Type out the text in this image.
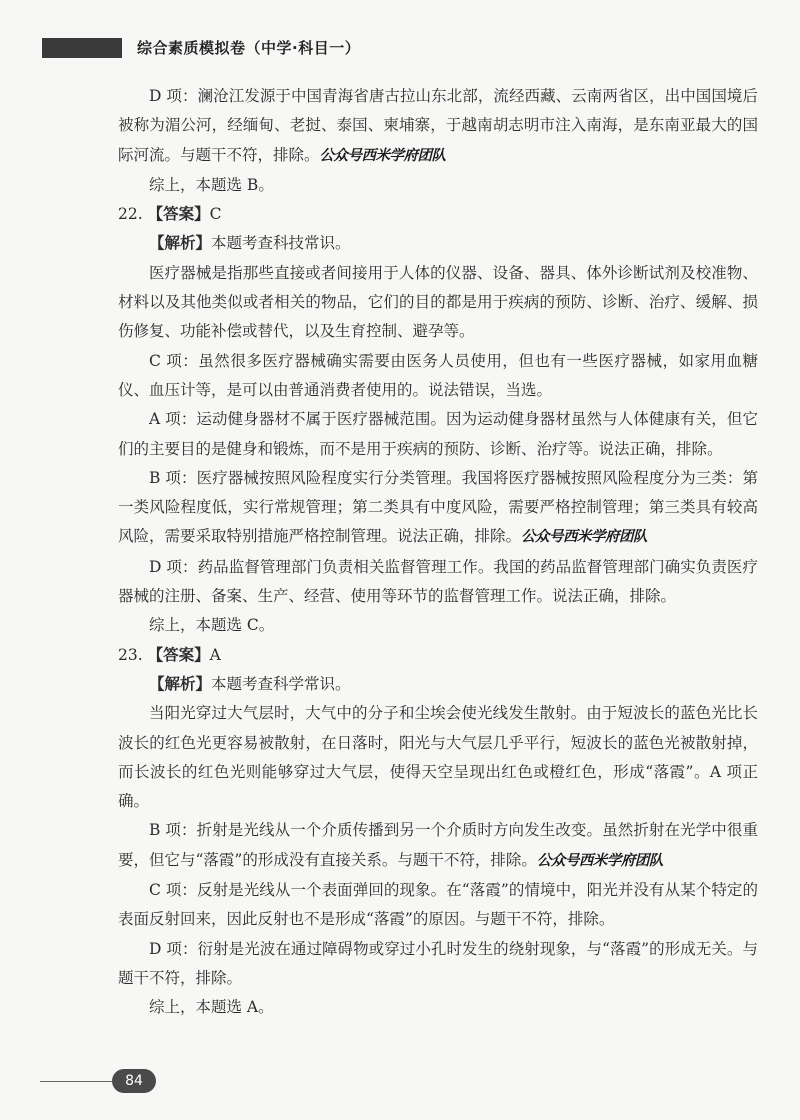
综合素质模拟卷（中学·科目一）

D 项：澜沧江发源于中国青海省唐古拉山东北部，流经西藏、云南两省区，出中国国境后被称为湄公河，经缅甸、老挝、泰国、柬埔寨，于越南胡志明市注入南海，是东南亚最大的国际河流。与题干不符，排除。公众号西米学府团队

综上，本题选 B。

22. 【答案】C

【解析】本题考查科技常识。

医疗器械是指那些直接或者间接用于人体的仪器、设备、器具、体外诊断试剂及校准物、材料以及其他类似或者相关的物品，它们的目的都是用于疾病的预防、诊断、治疗、缓解、损伤修复、功能补偿或替代，以及生育控制、避孕等。

C 项：虽然很多医疗器械确实需要由医务人员使用，但也有一些医疗器械，如家用血糖仪、血压计等，是可以由普通消费者使用的。说法错误，当选。

A 项：运动健身器材不属于医疗器械范围。因为运动健身器材虽然与人体健康有关，但它们的主要目的是健身和锻炼，而不是用于疾病的预防、诊断、治疗等。说法正确，排除。

B 项：医疗器械按照风险程度实行分类管理。我国将医疗器械按照风险程度分为三类：第一类风险程度低，实行常规管理；第二类具有中度风险，需要严格控制管理；第三类具有较高风险，需要采取特别措施严格控制管理。说法正确，排除。公众号西米学府团队

D 项：药品监督管理部门负责相关监督管理工作。我国的药品监督管理部门确实负责医疗器械的注册、备案、生产、经营、使用等环节的监督管理工作。说法正确，排除。

综上，本题选 C。

23. 【答案】A

【解析】本题考查科学常识。

当阳光穿过大气层时，大气中的分子和尘埃会使光线发生散射。由于短波长的蓝色光比长波长的红色光更容易被散射，在日落时，阳光与大气层几乎平行，短波长的蓝色光被散射掉，而长波长的红色光则能够穿过大气层，使得天空呈现出红色或橙红色，形成“落霞”。A 项正确。

B 项：折射是光线从一个介质传播到另一个介质时方向发生改变。虽然折射在光学中很重要，但它与“落霞”的形成没有直接关系。与题干不符，排除。公众号西米学府团队

C 项：反射是光线从一个表面弹回的现象。在“落霞”的情境中，阳光并没有从某个特定的表面反射回来，因此反射也不是形成“落霞”的原因。与题干不符，排除。

D 项：衍射是光波在通过障碍物或穿过小孔时发生的绕射现象，与“落霞”的形成无关。与题干不符，排除。

综上，本题选 A。

84
